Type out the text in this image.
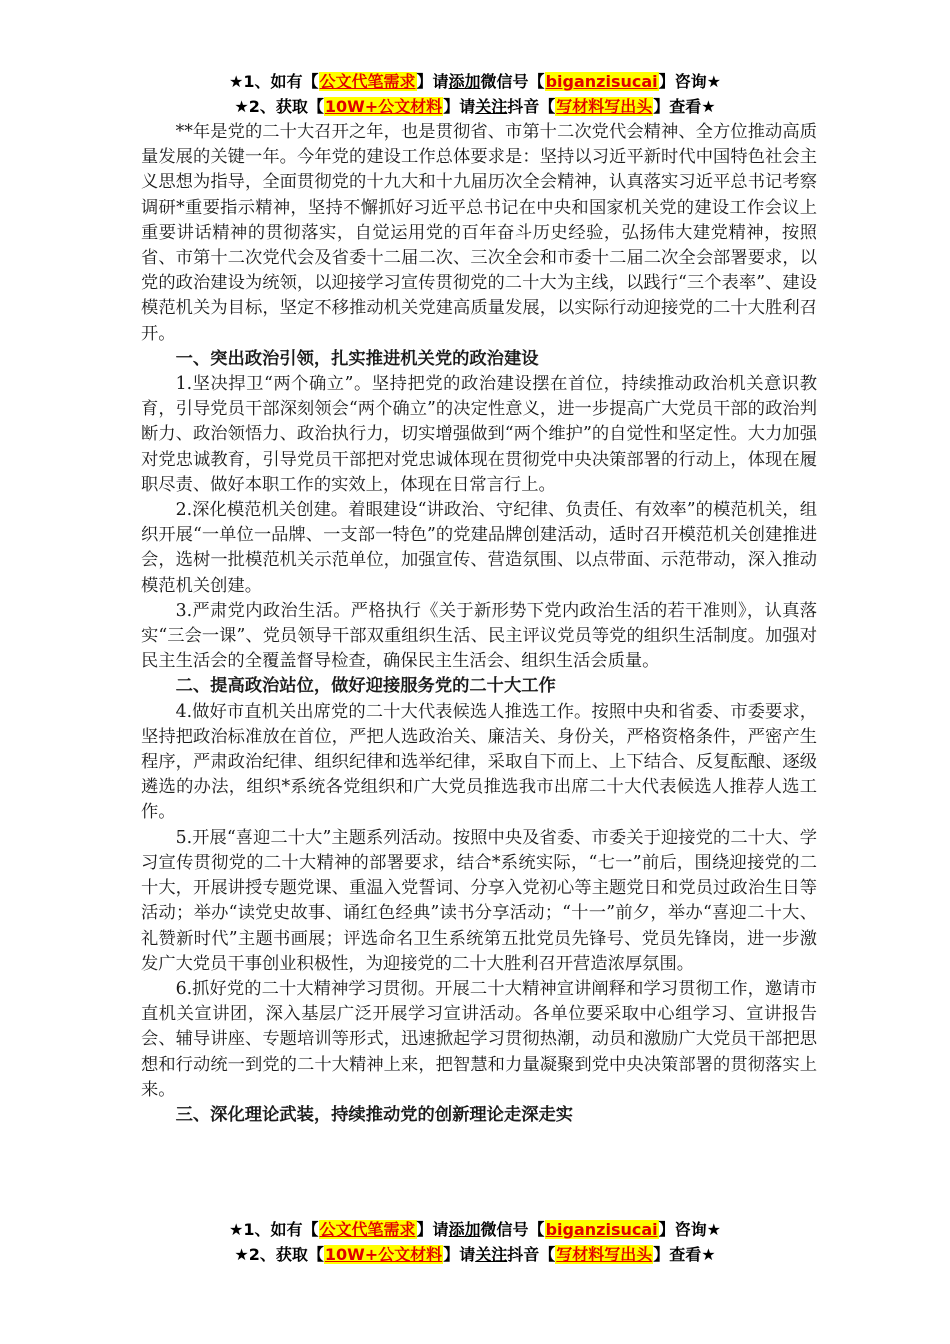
★1、如有【公文代笔需求】请添加微信号【biganzisucai】咨询★
★2、获取【10W+公文材料】请关注抖音【写材料写出头】查看★

**年是党的二十大召开之年，也是贯彻省、市第十二次党代会精神、全方位推动高质量发展的关键一年。今年党的建设工作总体要求是：坚持以习近平新时代中国特色社会主义思想为指导，全面贯彻党的十九大和十九届历次全会精神，认真落实习近平总书记考察调研*重要指示精神，坚持不懈抓好习近平总书记在中央和国家机关党的建设工作会议上重要讲话精神的贯彻落实，自觉运用党的百年奋斗历史经验，弘扬伟大建党精神，按照省、市第十二次党代会及省委十二届二次、三次全会和市委十二届二次全会部署要求，以党的政治建设为统领，以迎接学习宣传贯彻党的二十大为主线，以践行“三个表率”、建设模范机关为目标，坚定不移推动机关党建高质量发展，以实际行动迎接党的二十大胜利召开。

一、突出政治引领，扎实推进机关党的政治建设

1.坚决捍卫“两个确立”。坚持把党的政治建设摆在首位，持续推动政治机关意识教育，引导党员干部深刻领会“两个确立”的决定性意义，进一步提高广大党员干部的政治判断力、政治领悟力、政治执行力，切实增强做到“两个维护”的自觉性和坚定性。大力加强对党忠诚教育，引导党员干部把对党忠诚体现在贯彻党中央决策部署的行动上，体现在履职尽责、做好本职工作的实效上，体现在日常言行上。

2.深化模范机关创建。着眼建设“讲政治、守纪律、负责任、有效率”的模范机关，组织开展“一单位一品牌、一支部一特色”的党建品牌创建活动，适时召开模范机关创建推进会，选树一批模范机关示范单位，加强宣传、营造氛围、以点带面、示范带动，深入推动模范机关创建。

3.严肃党内政治生活。严格执行《关于新形势下党内政治生活的若干准则》，认真落实“三会一课”、党员领导干部双重组织生活、民主评议党员等党的组织生活制度。加强对民主生活会的全覆盖督导检查，确保民主生活会、组织生活会质量。

二、提高政治站位，做好迎接服务党的二十大工作

4.做好市直机关出席党的二十大代表候选人推选工作。按照中央和省委、市委要求，坚持把政治标准放在首位，严把人选政治关、廉洁关、身份关，严格资格条件，严密产生程序，严肃政治纪律、组织纪律和选举纪律，采取自下而上、上下结合、反复酝酿、逐级遴选的办法，组织*系统各党组织和广大党员推选我市出席二十大代表候选人推荐人选工作。

5.开展“喜迎二十大”主题系列活动。按照中央及省委、市委关于迎接党的二十大、学习宣传贯彻党的二十大精神的部署要求，结合*系统实际，“七一”前后，围绕迎接党的二十大，开展讲授专题党课、重温入党誓词、分享入党初心等主题党日和党员过政治生日等活动；举办“读党史故事、诵红色经典”读书分享活动；“十一”前夕，举办“喜迎二十大、礼赞新时代”主题书画展；评选命名卫生系统第五批党员先锋号、党员先锋岗，进一步激发广大党员干事创业积极性，为迎接党的二十大胜利召开营造浓厚氛围。

6.抓好党的二十大精神学习贯彻。开展二十大精神宣讲阐释和学习贯彻工作，邀请市直机关宣讲团，深入基层广泛开展学习宣讲活动。各单位要采取中心组学习、宣讲报告会、辅导讲座、专题培训等形式，迅速掀起学习贯彻热潮，动员和激励广大党员干部把思想和行动统一到党的二十大精神上来，把智慧和力量凝聚到党中央决策部署的贯彻落实上来。

三、深化理论武装，持续推动党的创新理论走深走实

★1、如有【公文代笔需求】请添加微信号【biganzisucai】咨询★
★2、获取【10W+公文材料】请关注抖音【写材料写出头】查看★
